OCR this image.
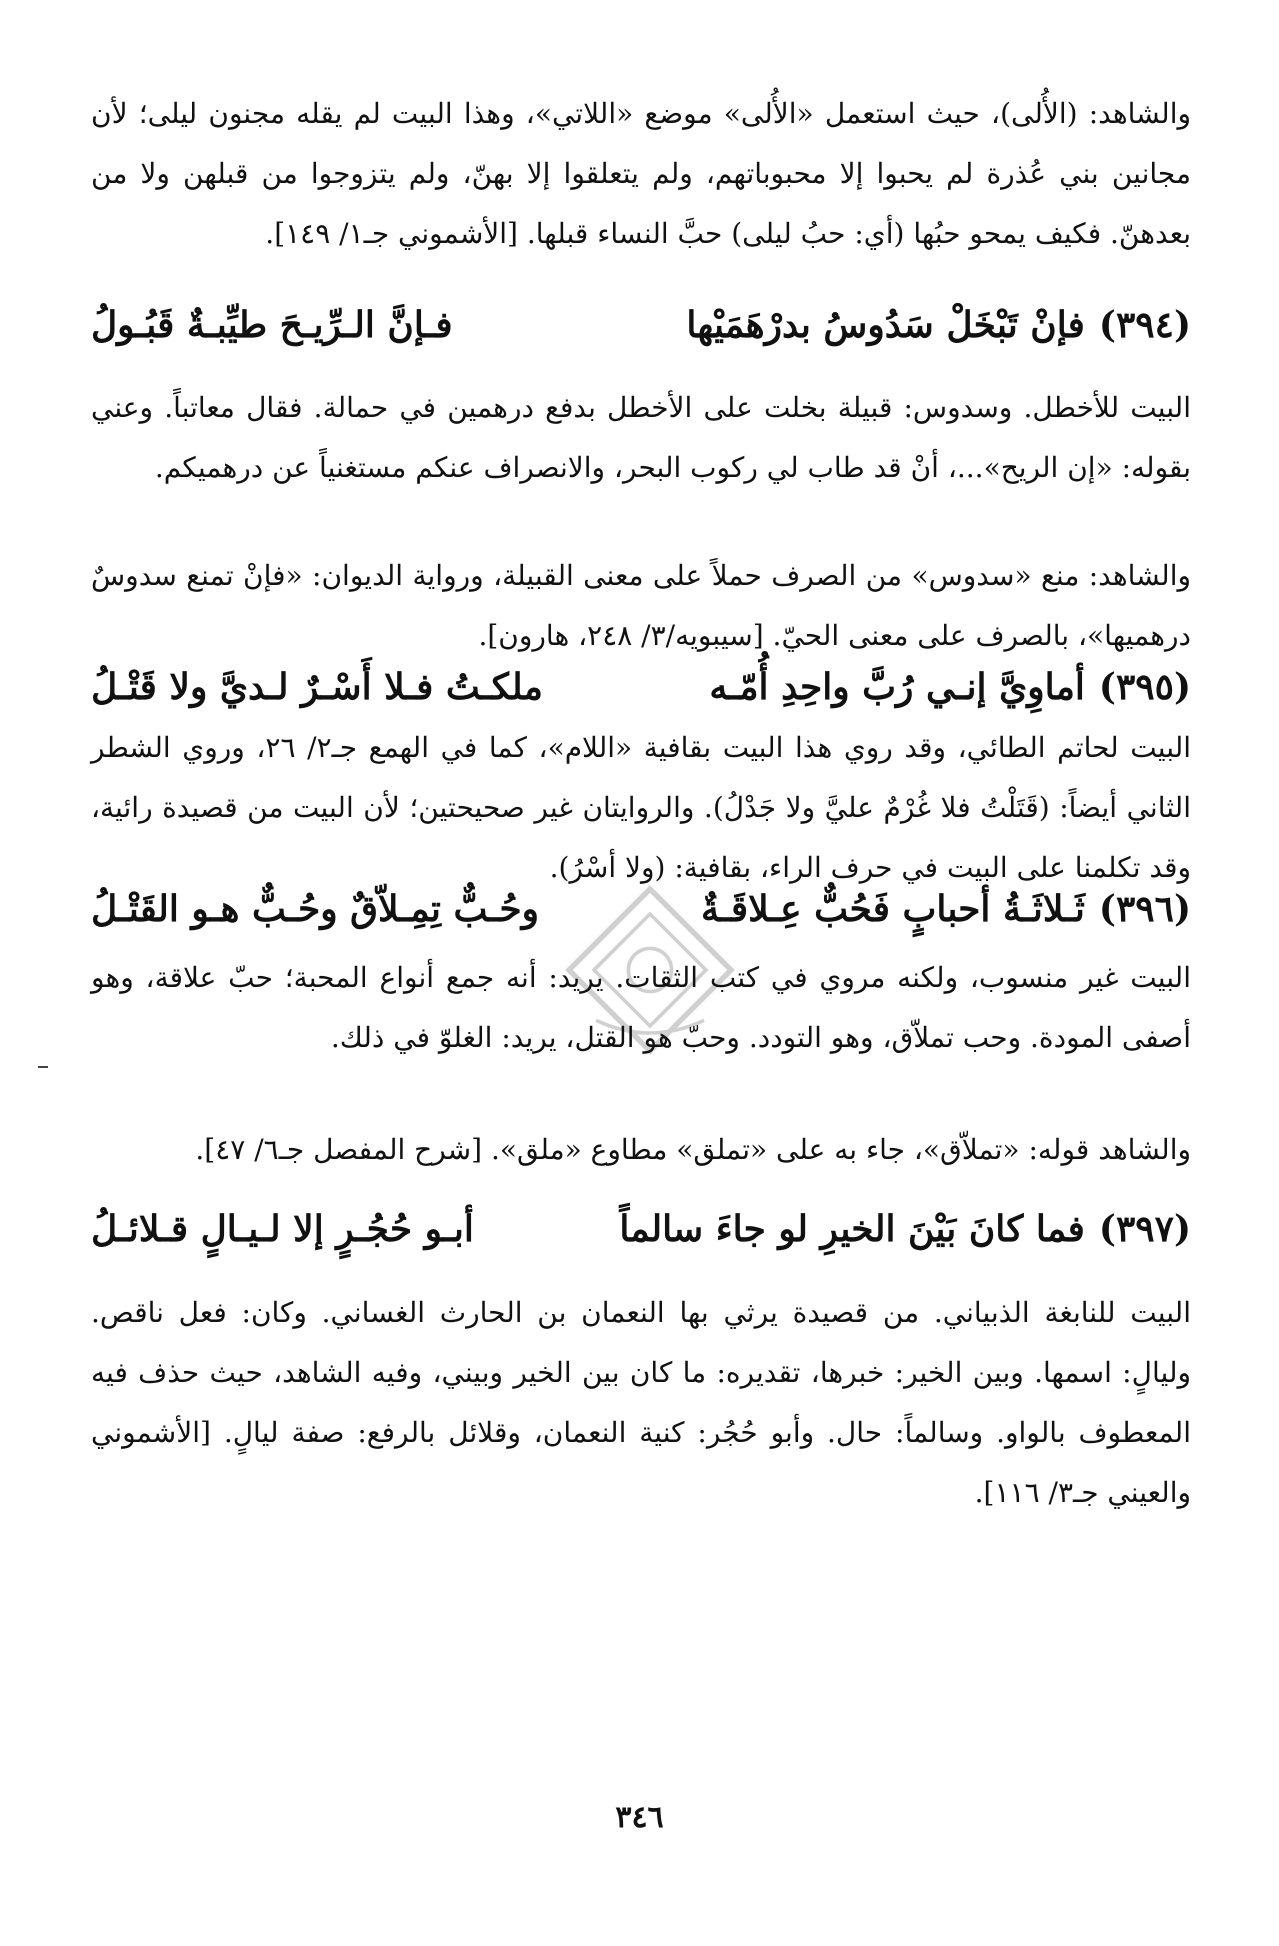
والشاهد: (الأُلى)، حيث استعمل «الأُلى» موضع «اللاتي»، وهذا البيت لم يقله مجنون ليلى؛ لأن مجانين بني عُذرة لم يحبوا إلا محبوباتهم، ولم يتعلقوا إلا بهنّ، ولم يتزوجوا من قبلهن ولا من بعدهنّ. فكيف يمحو حبُها (أي: حبُ ليلى) حبَّ النساء قبلها. [الأشموني جـ١/ ١٤٩].

(٣٩٤)
فإنْ تَبْخَلْ سَدُوسُ بدرْهَمَيْها
فـإنَّ الـرِّيـحَ طيِّبـةٌ قَبُـولُ

البيت للأخطل. وسدوس: قبيلة بخلت على الأخطل بدفع درهمين في حمالة. فقال معاتباً. وعني بقوله: «إن الريح»...، أنْ قد طاب لي ركوب البحر، والانصراف عنكم مستغنياً عن درهميكم.

والشاهد: منع «سدوس» من الصرف حملاً على معنى القبيلة، ورواية الديوان: «فإنْ تمنع سدوسٌ درهميها»، بالصرف على معنى الحيّ. [سيبويه/٣/ ٢٤٨، هارون].

(٣٩٥)
أماوِيَّ إنـي رُبَّ واحِدِ أُمّـه
ملكـتُ فـلا أَسْـرٌ لـديَّ ولا قَتْـلُ

البيت لحاتم الطائي، وقد روي هذا البيت بقافية «اللام»، كما في الهمع جـ٢/ ٢٦، وروي الشطر الثاني أيضاً: (قَتَلْتُ فلا غُرْمٌ عليَّ ولا جَدْلُ). والروايتان غير صحيحتين؛ لأن البيت من قصيدة رائية، وقد تكلمنا على البيت في حرف الراء، بقافية: (ولا أسْرُ).

(٣٩٦)
ثَـلاثَـةُ أحبابٍ فَحُبٌّ عِـلاقَـةٌ
وحُـبٌّ تِمِـلاّقٌ وحُـبٌّ هـو القَتْـلُ

البيت غير منسوب، ولكنه مروي في كتب الثقات. يريد: أنه جمع أنواع المحبة؛ حبّ علاقة، وهو أصفى المودة. وحب تملاّق، وهو التودد. وحبّ هو القتل، يريد: الغلوّ في ذلك.

والشاهد قوله: «تملاّق»، جاء به على «تملق» مطاوع «ملق». [شرح المفصل جـ٦/ ٤٧].

(٣٩٧)
فما كانَ بَيْنَ الخيرِ لو جاءَ سالماً
أبـو حُجُـرٍ إلا لـيـالٍ قـلائـلُ

البيت للنابغة الذبياني. من قصيدة يرثي بها النعمان بن الحارث الغساني. وكان: فعل ناقص. وليالٍ: اسمها. وبين الخير: خبرها، تقديره: ما كان بين الخير وبيني، وفيه الشاهد، حيث حذف فيه المعطوف بالواو. وسالماً: حال. وأبو حُجُر: كنية النعمان، وقلائل بالرفع: صفة ليالٍ. [الأشموني والعيني جـ٣/ ١١٦].

٣٤٦
